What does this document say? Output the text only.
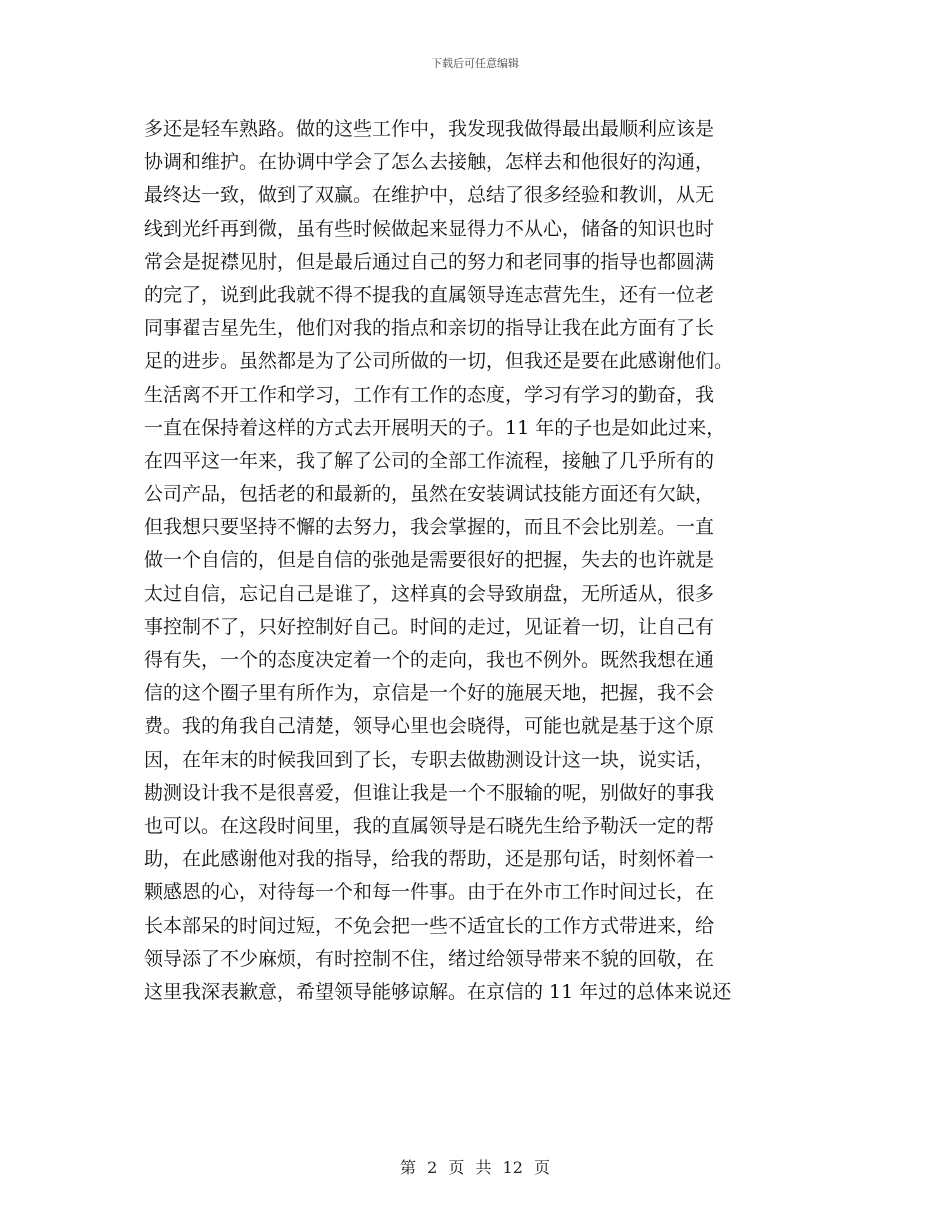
下载后可任意编辑
多还是轻车熟路。做的这些工作中，我发现我做得最出最顺利应该是
协调和维护。在协调中学会了怎么去接触，怎样去和他很好的沟通，
最终达一致，做到了双赢。在维护中，总结了很多经验和教训，从无
线到光纤再到微，虽有些时候做起来显得力不从心，储备的知识也时
常会是捉襟见肘，但是最后通过自己的努力和老同事的指导也都圆满
的完了，说到此我就不得不提我的直属领导连志营先生，还有一位老
同事翟吉星先生，他们对我的指点和亲切的指导让我在此方面有了长
足的进步。虽然都是为了公司所做的一切，但我还是要在此感谢他们。
生活离不开工作和学习，工作有工作的态度，学习有学习的勤奋，我
一直在保持着这样的方式去开展明天的子。11 年的子也是如此过来，
在四平这一年来，我了解了公司的全部工作流程，接触了几乎所有的
公司产品，包括老的和最新的，虽然在安装调试技能方面还有欠缺，
但我想只要坚持不懈的去努力，我会掌握的，而且不会比别差。一直
做一个自信的，但是自信的张弛是需要很好的把握，失去的也许就是
太过自信，忘记自己是谁了，这样真的会导致崩盘，无所适从，很多
事控制不了，只好控制好自己。时间的走过，见证着一切，让自己有
得有失，一个的态度决定着一个的走向，我也不例外。既然我想在通
信的这个圈子里有所作为，京信是一个好的施展天地，把握，我不会
费。我的角我自己清楚，领导心里也会晓得，可能也就是基于这个原
因，在年末的时候我回到了长，专职去做勘测设计这一块，说实话，
勘测设计我不是很喜爱，但谁让我是一个不服输的呢，别做好的事我
也可以。在这段时间里，我的直属领导是石晓先生给予勒沃一定的帮
助，在此感谢他对我的指导，给我的帮助，还是那句话，时刻怀着一
颗感恩的心，对待每一个和每一件事。由于在外市工作时间过长，在
长本部呆的时间过短，不免会把一些不适宜长的工作方式带进来，给
领导添了不少麻烦，有时控制不住，绪过给领导带来不貌的回敬，在
这里我深表歉意，希望领导能够谅解。在京信的 11 年过的总体来说还
第 2 页 共 12 页
